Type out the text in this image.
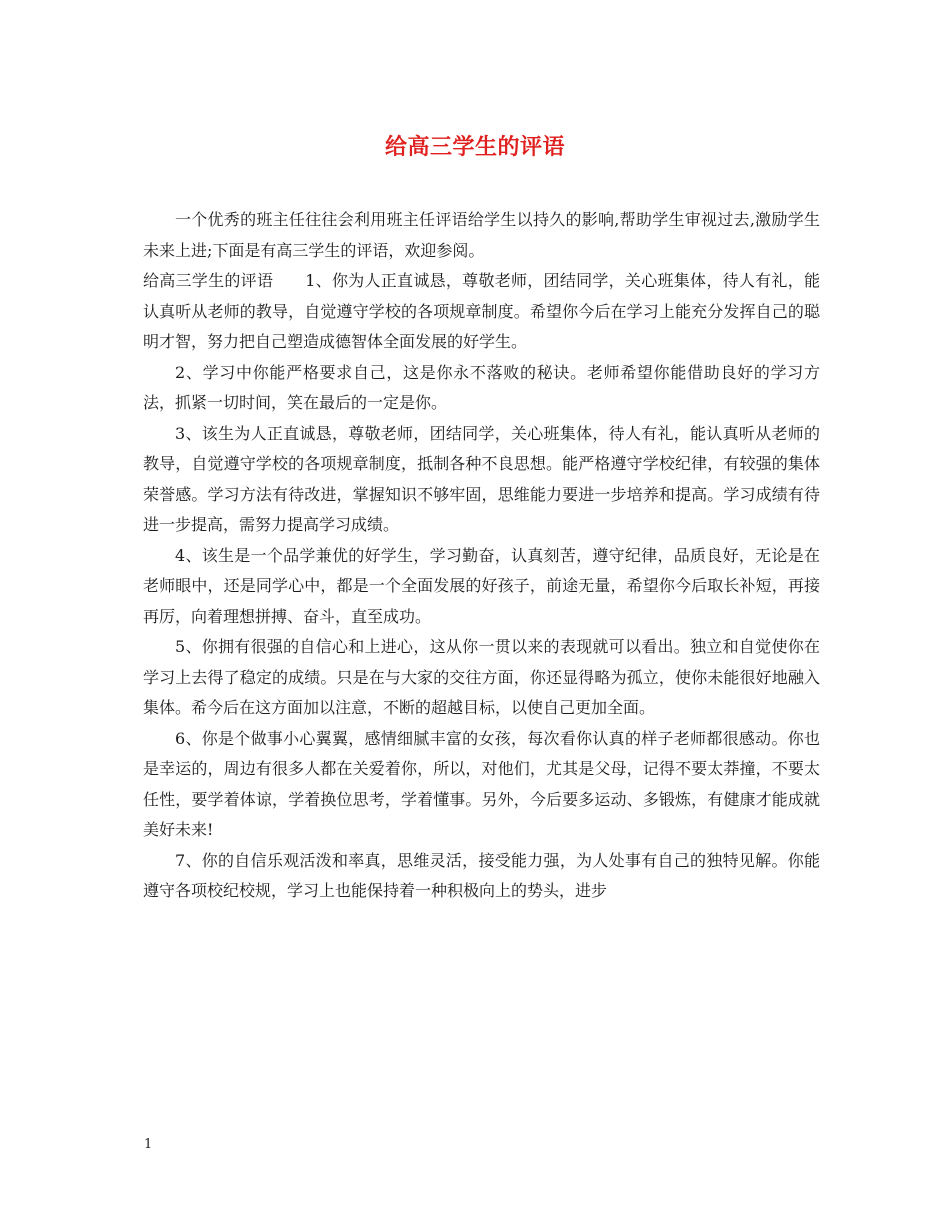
给高三学生的评语

一个优秀的班主任往往会利用班主任评语给学生以持久的影响,帮助学生审视过去,激励学生未来上进;下面是有高三学生的评语，欢迎参阅。

给高三学生的评语 1、你为人正直诚恳，尊敬老师，团结同学，关心班集体，待人有礼，能认真听从老师的教导，自觉遵守学校的各项规章制度。希望你今后在学习上能充分发挥自己的聪明才智，努力把自己塑造成德智体全面发展的好学生。

2、学习中你能严格要求自己，这是你永不落败的秘诀。老师希望你能借助良好的学习方法，抓紧一切时间，笑在最后的一定是你。

3、该生为人正直诚恳，尊敬老师，团结同学，关心班集体，待人有礼，能认真听从老师的教导，自觉遵守学校的各项规章制度，抵制各种不良思想。能严格遵守学校纪律，有较强的集体荣誉感。学习方法有待改进，掌握知识不够牢固，思维能力要进一步培养和提高。学习成绩有待进一步提高，需努力提高学习成绩。

4、该生是一个品学兼优的好学生，学习勤奋，认真刻苦，遵守纪律，品质良好，无论是在老师眼中，还是同学心中，都是一个全面发展的好孩子，前途无量，希望你今后取长补短，再接再厉，向着理想拼搏、奋斗，直至成功。

5、你拥有很强的自信心和上进心，这从你一贯以来的表现就可以看出。独立和自觉使你在学习上去得了稳定的成绩。只是在与大家的交往方面，你还显得略为孤立，使你未能很好地融入集体。希今后在这方面加以注意，不断的超越目标，以使自己更加全面。

6、你是个做事小心翼翼，感情细腻丰富的女孩，每次看你认真的样子老师都很感动。你也是幸运的，周边有很多人都在关爱着你，所以，对他们，尤其是父母，记得不要太莽撞，不要太任性，要学着体谅，学着换位思考，学着懂事。另外，今后要多运动、多锻炼，有健康才能成就美好未来!

7、你的自信乐观活泼和率真，思维灵活，接受能力强，为人处事有自己的独特见解。你能遵守各项校纪校规，学习上也能保持着一种积极向上的势头，进步

1
